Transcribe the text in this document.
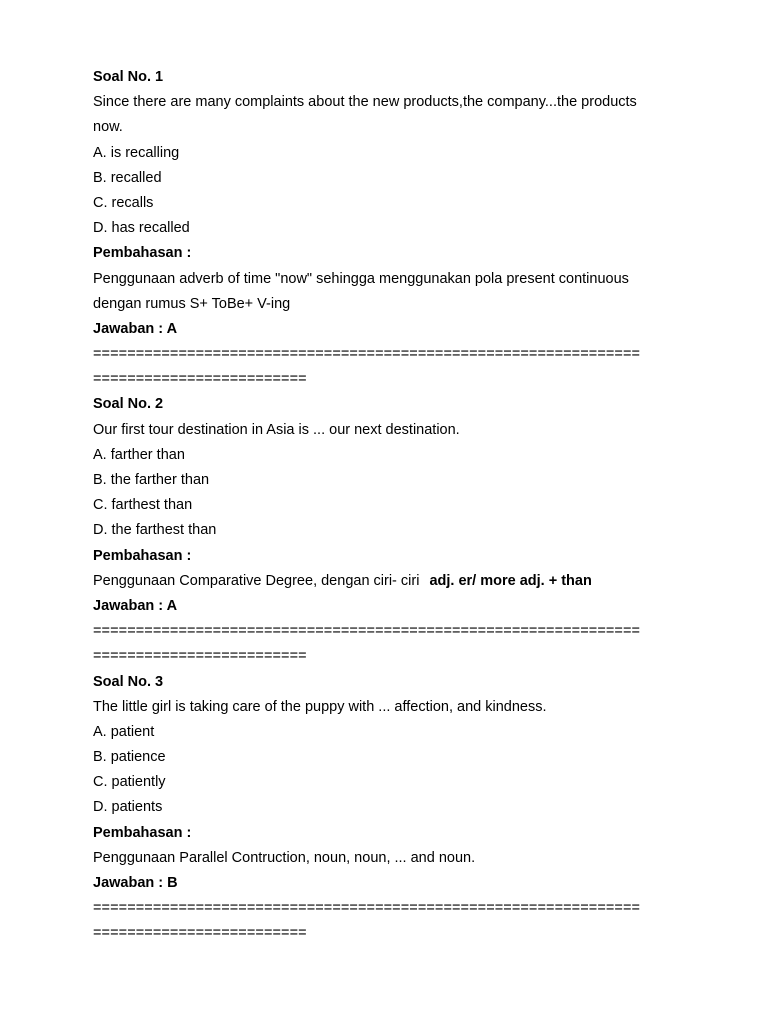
Soal No. 1
Since there are many complaints about the new products,the company...the products
now.
A. is recalling
B. recalled
C. recalls
D. has recalled
Pembahasan :
Penggunaan adverb of time "now" sehingga menggunakan pola present continuous
dengan rumus S+ ToBe+ V-ing
Jawaban : A
================================================================
=========================
Soal No. 2
Our first tour destination in Asia is ... our next destination.
A. farther than
B. the farther than
C. farthest than
D. the farthest than
Pembahasan :
Penggunaan Comparative Degree, dengan ciri- ciri adj. er/ more adj. + than
Jawaban : A
================================================================
=========================
Soal No. 3
The little girl is taking care of the puppy with ... affection, and kindness.
A. patient
B. patience
C. patiently
D. patients
Pembahasan :
Penggunaan Parallel Contruction, noun, noun, ... and noun.
Jawaban : B
================================================================
=========================
